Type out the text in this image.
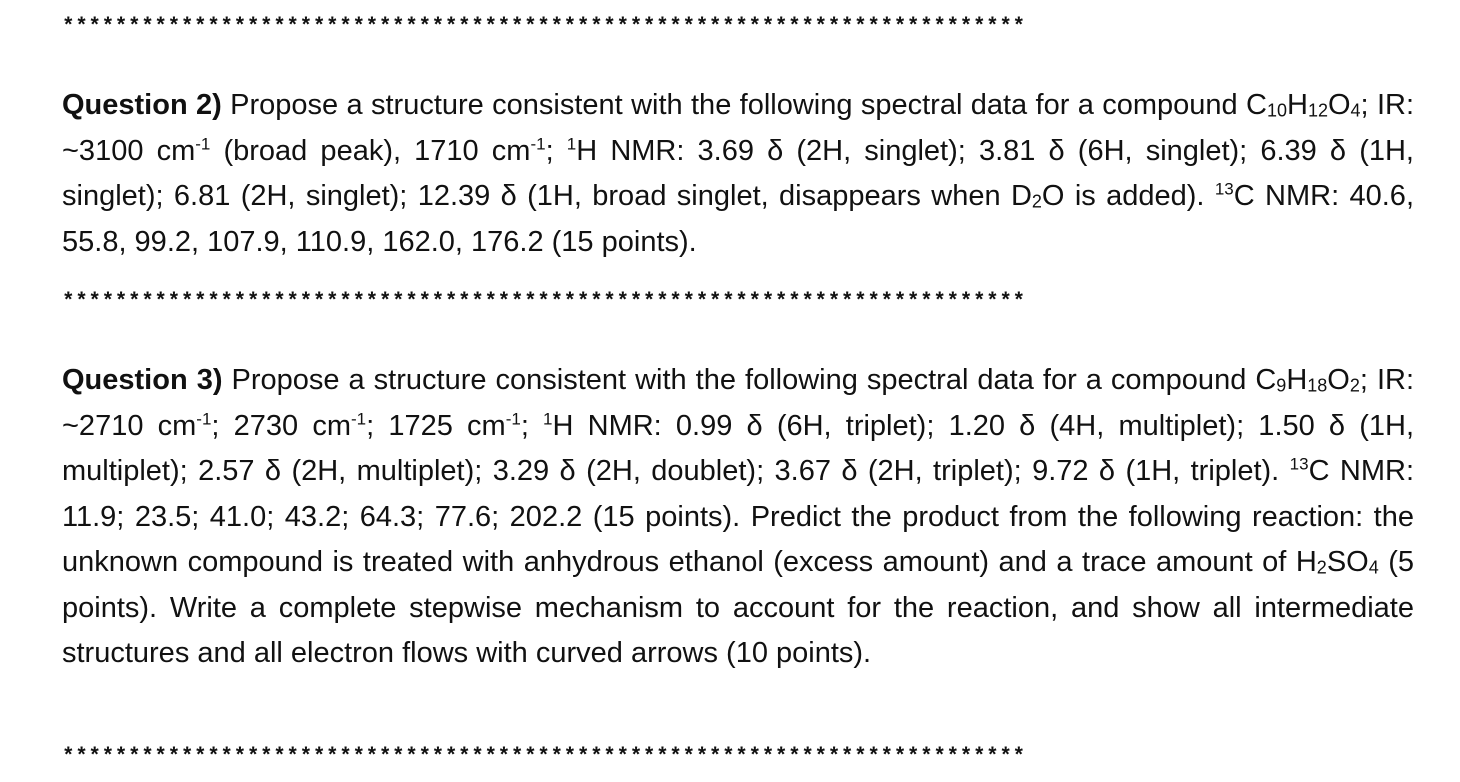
*************************************************************************
Question 2) Propose a structure consistent with the following spectral data for a compound $C_{10}H_{12}O_4$; IR: ~3100 $cm^{-1}$ (broad peak), 1710 $cm^{-1}$; $^1$H NMR: 3.69 δ (2H, singlet); 3.81 δ (6H, singlet); 6.39 δ (1H, singlet); 6.81 (2H, singlet); 12.39 δ (1H, broad singlet, disappears when $D_2O$ is added). $^{13}$C NMR: 40.6, 55.8, 99.2, 107.9, 110.9, 162.0, 176.2 (15 points).
*************************************************************************
Question 3) Propose a structure consistent with the following spectral data for a compound $C_9H_{18}O_2$; IR: ~2710 $cm^{-1}$; 2730 $cm^{-1}$; 1725 $cm^{-1}$; $^1$H NMR: 0.99 δ (6H, triplet); 1.20 δ (4H, multiplet); 1.50 δ (1H, multiplet); 2.57 δ (2H, multiplet); 3.29 δ (2H, doublet); 3.67 δ (2H, triplet); 9.72 δ (1H, triplet). $^{13}$C NMR: 11.9; 23.5; 41.0; 43.2; 64.3; 77.6; 202.2 (15 points). Predict the product from the following reaction: the unknown compound is treated with anhydrous ethanol (excess amount) and a trace amount of $H_2SO_4$ (5 points). Write a complete stepwise mechanism to account for the reaction, and show all intermediate structures and all electron flows with curved arrows (10 points).
*************************************************************************
